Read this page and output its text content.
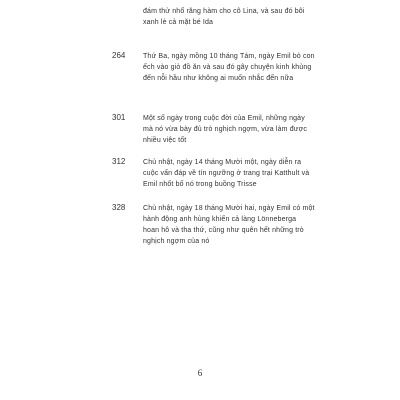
đám thử nhổ răng hàm cho cô Lina, và sau đó bôi
xanh lè cả mặt bé Ida
264	Thứ Ba, ngày mồng 10 tháng Tám, ngày Emil bỏ con
ếch vào giỏ đồ ăn và sau đó gây chuyện kinh khủng
đến nỗi hầu như không ai muốn nhắc đến nữa
301	Một số ngày trong cuộc đời của Emil, những ngày
mà nó vừa bày đủ trò nghịch ngợm, vừa làm được
nhiều việc tốt
312	Chủ nhật, ngày 14 tháng Mười một, ngày diễn ra
cuộc vấn đáp về tín ngưỡng ở trang trại Katthult và
Emil nhốt bố nó trong buồng Trisse
328	Chủ nhật, ngày 18 tháng Mười hai, ngày Emil có một
hành động anh hùng khiến cả làng Lönneberga
hoan hô và tha thứ, cũng như quên hết những trò
nghịch ngợm của nó
6
